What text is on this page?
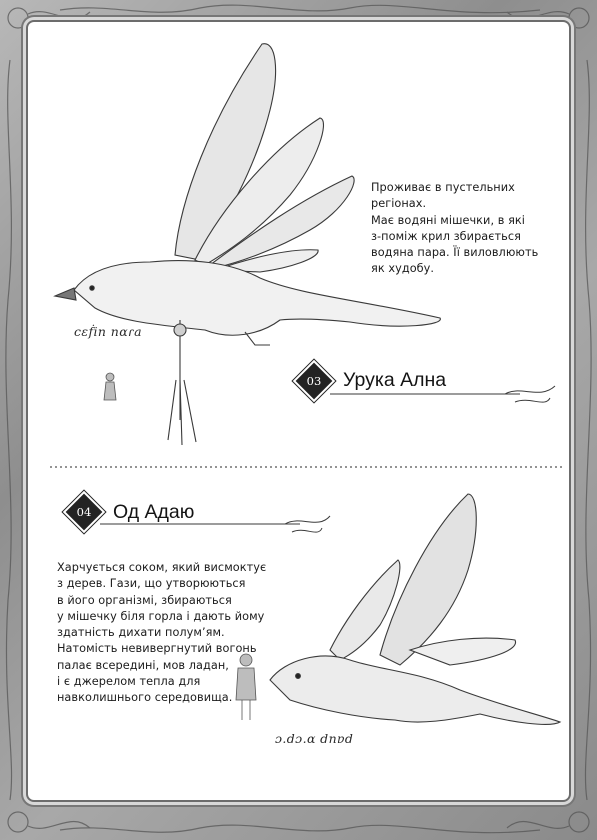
Проживає в пустельних регіонах.
Має водяні мішечки, в які
з-поміж крил збирається
водяна пара. Її виловлюють
як худобу.

03 Урука Ална
cɛḟin nɑɾa
04 Од Адаю

Харчується соком, який висмоктує
з дерев. Гази, що утворюються
в його організмі, збираються
у мішечку біля горла і дають йому
здатність дихати полум’ям.
Натомість невивергнутий вогонь
палає всередині, мов ладан,
і є джерелом тепла для
навколишнього середовища.

ɔ.dɔ.ɑ dnɐd
